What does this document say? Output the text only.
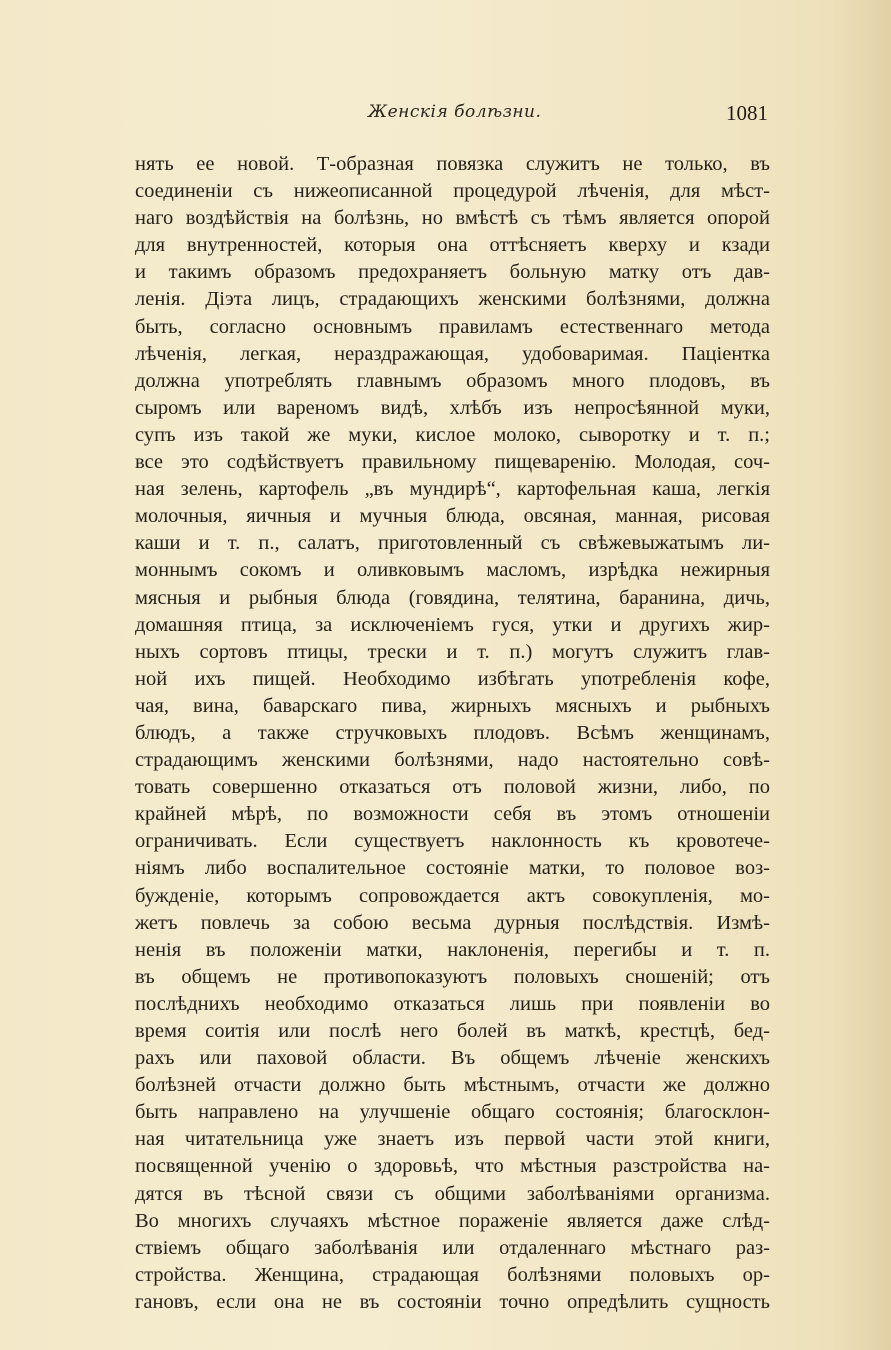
Женскія болѣзни.	1081
нять ее новой. Т-образная повязка служитъ не только, въ
соединеніи съ нижеописанной процедурой лѣченія, для мѣст-
наго воздѣйствія на болѣзнь, но вмѣстѣ съ тѣмъ является опорой
для внутренностей, которыя она оттѣсняетъ кверху и кзади
и такимъ образомъ предохраняетъ больную матку отъ дав-
ленія. Діэта лицъ, страдающихъ женскими болѣзнями, должна
быть, согласно основнымъ правиламъ естественнаго метода
лѣченія, легкая, нераздражающая, удобоваримая. Паціентка
должна употреблять главнымъ образомъ много плодовъ, въ
сыромъ или вареномъ видѣ, хлѣбъ изъ непросѣянной муки,
супъ изъ такой же муки, кислое молоко, сыворотку и т. п.;
все это содѣйствуетъ правильному пищеваренію. Молодая, соч-
ная зелень, картофель „въ мундирѣ“, картофельная каша, легкія
молочныя, яичныя и мучныя блюда, овсяная, манная, рисовая
каши и т. п., салатъ, приготовленный съ свѣжевыжатымъ ли-
моннымъ сокомъ и оливковымъ масломъ, изрѣдка нежирныя
мясныя и рыбныя блюда (говядина, телятина, баранина, дичь,
домашняя птица, за исключеніемъ гуся, утки и другихъ жир-
ныхъ сортовъ птицы, трески и т. п.) могутъ служитъ глав-
ной ихъ пищей. Необходимо избѣгать употребленія кофе,
чая, вина, баварскаго пива, жирныхъ мясныхъ и рыбныхъ
блюдъ, а также стручковыхъ плодовъ. Всѣмъ женщинамъ,
страдающимъ женскими болѣзнями, надо настоятельно совѣ-
товать совершенно отказаться отъ половой жизни, либо, по
крайней мѣрѣ, по возможности себя въ этомъ отношеніи
ограничивать. Если существуетъ наклонность къ кровотече-
ніямъ либо воспалительное состояніе матки, то половое воз-
бужденіе, которымъ сопровождается актъ совокупленія, мо-
жетъ повлечь за собою весьма дурныя послѣдствія. Измѣ-
ненія въ положеніи матки, наклоненія, перегибы и т. п.
въ общемъ не противопоказуютъ половыхъ сношеній; отъ
послѣднихъ необходимо отказаться лишь при появленіи во
время соитія или послѣ него болей въ маткѣ, крестцѣ, бед-
рахъ или паховой области. Въ общемъ лѣченіе женскихъ
болѣзней отчасти должно быть мѣстнымъ, отчасти же должно
быть направлено на улучшеніе общаго состоянія; благосклон-
ная читательница уже знаетъ изъ первой части этой книги,
посвященной ученію о здоровьѣ, что мѣстныя разстройства на-
дятся въ тѣсной связи съ общими заболѣваніями организма.
Во многихъ случаяхъ мѣстное пораженіе является даже слѣд-
ствіемъ общаго заболѣванія или отдаленнаго мѣстнаго раз-
стройства. Женщина, страдающая болѣзнями половыхъ ор-
гановъ, если она не въ состояніи точно опредѣлить сущность
